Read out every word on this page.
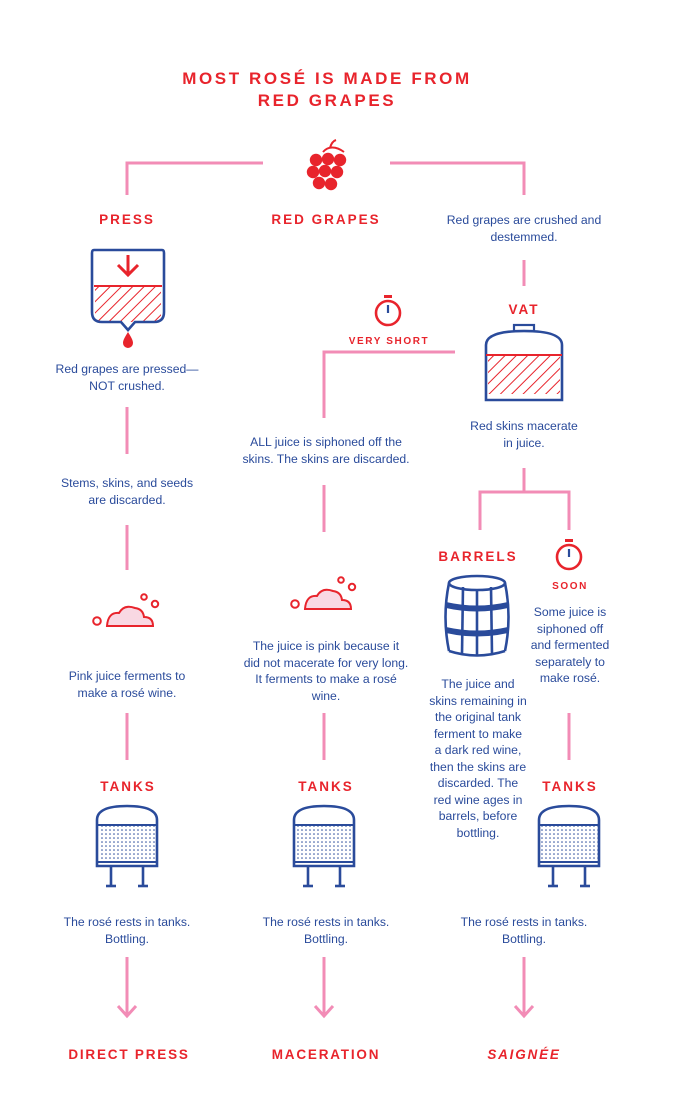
MOST ROSÉ IS MADE FROM
RED GRAPES
PRESS	RED GRAPES	Red grapes are crushed and destemmed.
VAT
Red skins macerate in juice.
VERY SHORT
Red grapes are pressed—NOT crushed.
Stems, skins, and seeds are discarded.
Pink juice ferments to make a rosé wine.
ALL juice is siphoned off the skins. The skins are discarded.
The juice is pink because it did not macerate for very long. It ferments to make a rosé wine.
BARRELS
The juice and skins remaining in the original tank ferment to make a dark red wine, then the skins are discarded. The red wine ages in barrels, before bottling.
SOON
Some juice is siphoned off and fermented separately to make rosé.
TANKS	TANKS	TANKS
The rosé rests in tanks. Bottling.
The rosé rests in tanks. Bottling.
The rosé rests in tanks. Bottling.
DIRECT PRESS	MACERATION	SAIGNÉE
